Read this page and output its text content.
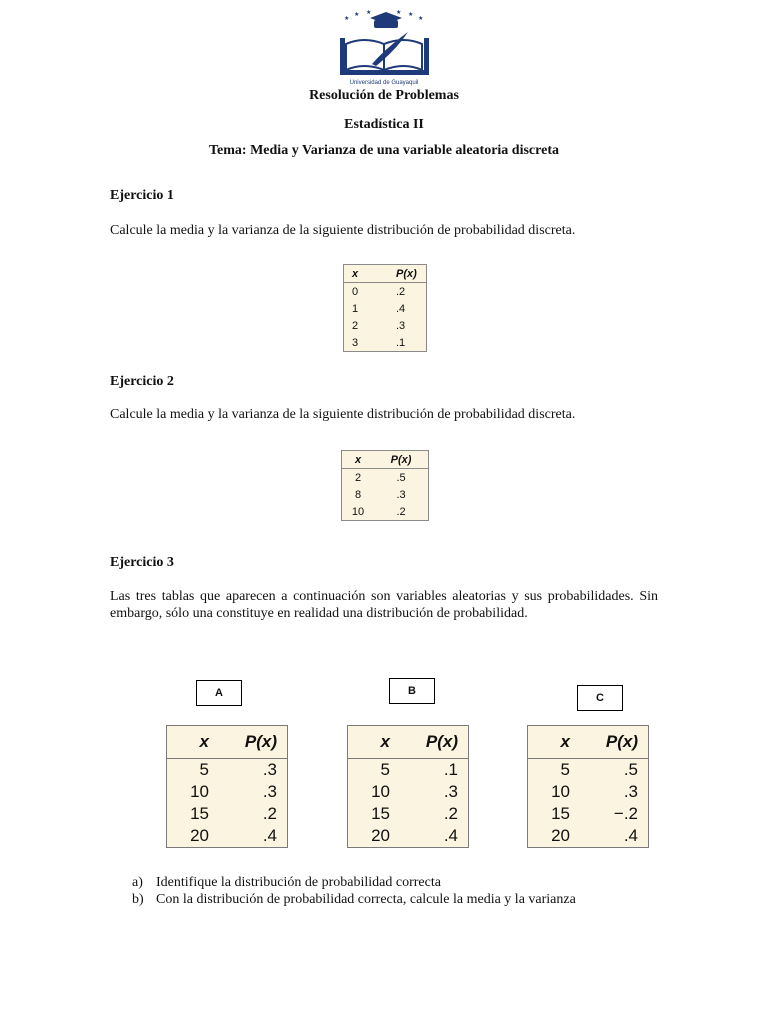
★
★ ★	★ ★
★
Universidad de Guayaquil
Resolución de Problemas
Estadística II
Tema: Media y Varianza de una variable aleatoria discreta
Ejercicio 1
Calcule la media y la varianza de la siguiente distribución de probabilidad discreta.
x	P(x)
0	.2
1	.4
2	.3
3	.1
Ejercicio 2
Calcule la media y la varianza de la siguiente distribución de probabilidad discreta.
x	P(x)
2	.5
8	.3
10	.2
Ejercicio 3
Las tres tablas que aparecen a continuación son variables aleatorias y sus probabilidades. Sin embargo, sólo una constituye en realidad una distribución de probabilidad.
A	B
C
x	P(x)
5	.3
10	.3
15	.2
20	.4
x	P(x)
5	.1
10	.3
15	.2
20	.4
x	P(x)
5	.5
10	.3
15	−.2
20	.4
a) Identifique la distribución de probabilidad correcta
b) Con la distribución de probabilidad correcta, calcule la media y la varianza
